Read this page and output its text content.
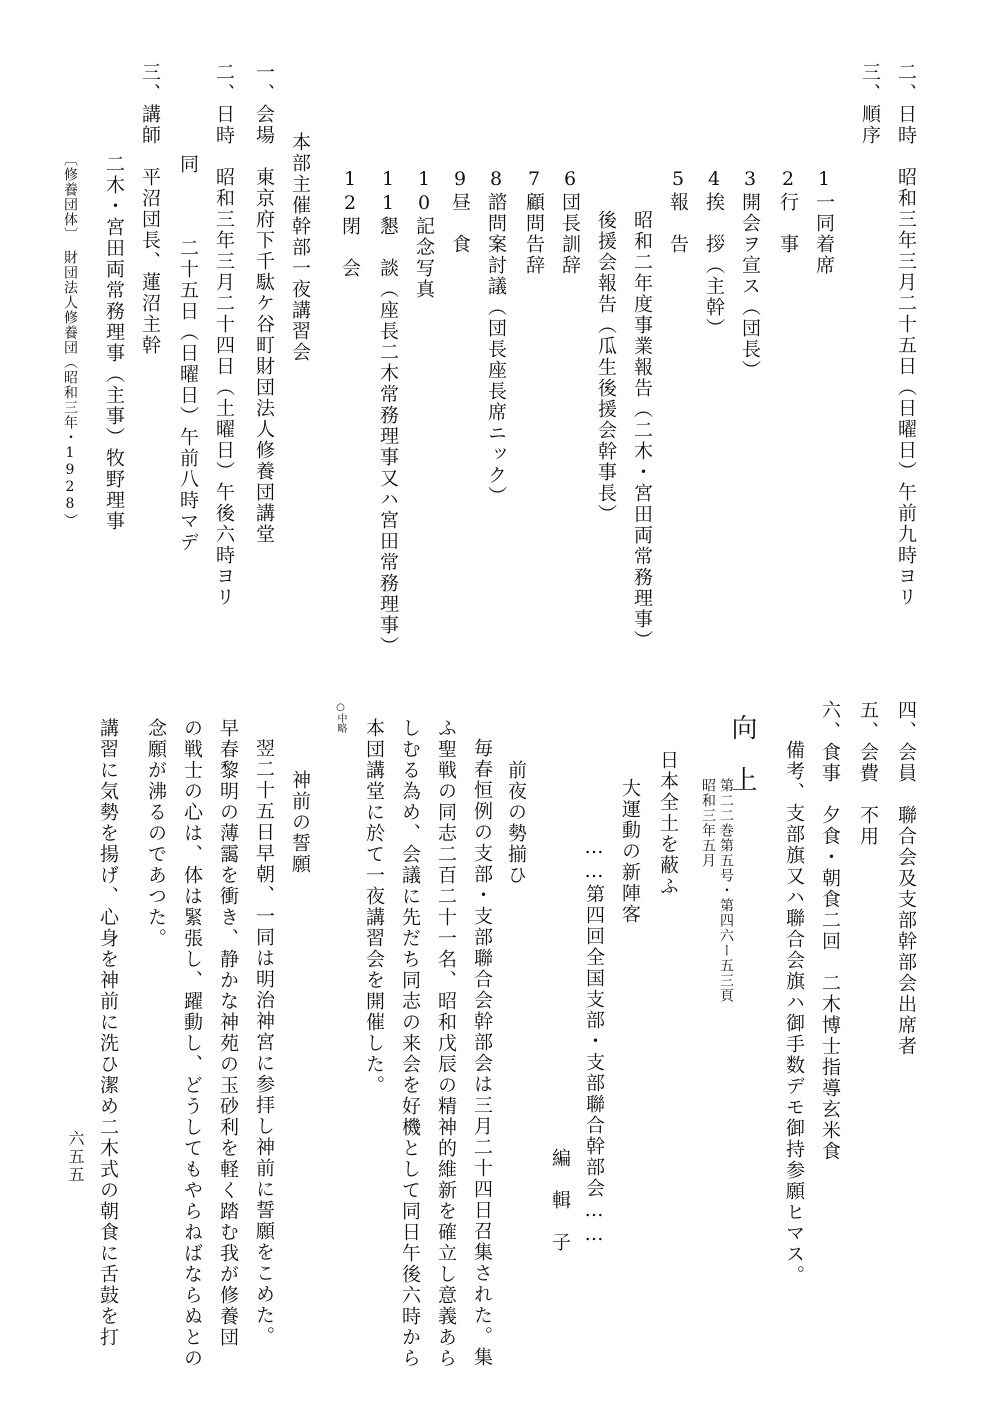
二、日時　昭和三年三月二十五日（日曜日）午前九時ヨリ
三、順序
1一同着席
2行　事
3開会ヲ宣ス（団長）
4挨　拶（主幹）
5報　告
昭和二年度事業報告（二木・宮田両常務理事）
後援会報告（瓜生後援会幹事長）
6団長訓辞
7顧問告辞
8諮問案討議（団長座長席ニック）
9昼　食
10記念写真
11懇　談（座長二木常務理事又ハ宮田常務理事）
12閉　会
本部主催幹部一夜講習会
一、会場　東京府下千駄ケ谷町財団法人修養団講堂
二、日時　昭和三年三月二十四日（土曜日）午後六時ヨリ
同　　　二十五日（日曜日）午前八時マデ
三、講師　平沼団長、蓮沼主幹
二木・宮田両常務理事（主事）牧野理事
〔修養団体〕　財団法人修養団（昭和三年・1928）
四、会員　聯合会及支部幹部会出席者
五、会費　不用
六、食事　夕食・朝食二回　二木博士指導玄米食
備考、支部旗又ハ聯合会旗ハ御手数デモ御持参願ヒマス。
向上
第二二巻第五号・第四六ー五三頁
昭和三年五月
日本全土を蔽ふ
大運動の新陣客
……第四回全国支部・支部聯合幹部会……
編　輯　子
前夜の勢揃ひ
毎春恒例の支部・支部聯合会幹部会は三月二十四日召集された。集
ふ聖戦の同志二百二十一名、昭和戊辰の精神的維新を確立し意義あら
しむる為め、会議に先だち同志の来会を好機として同日午後六時から
本団講堂に於て一夜講習会を開催した。
○中略
神前の誓願
翌二十五日早朝、一同は明治神宮に参拝し神前に誓願をこめた。
早春黎明の薄靄を衝き、静かな神苑の玉砂利を軽く踏む我が修養団
の戦士の心は、体は緊張し、躍動し、どうしてもやらねばならぬとの
念願が沸るのであつた。
講習に気勢を揚げ、心身を神前に洗ひ潔め二木式の朝食に舌鼓を打
六五五
